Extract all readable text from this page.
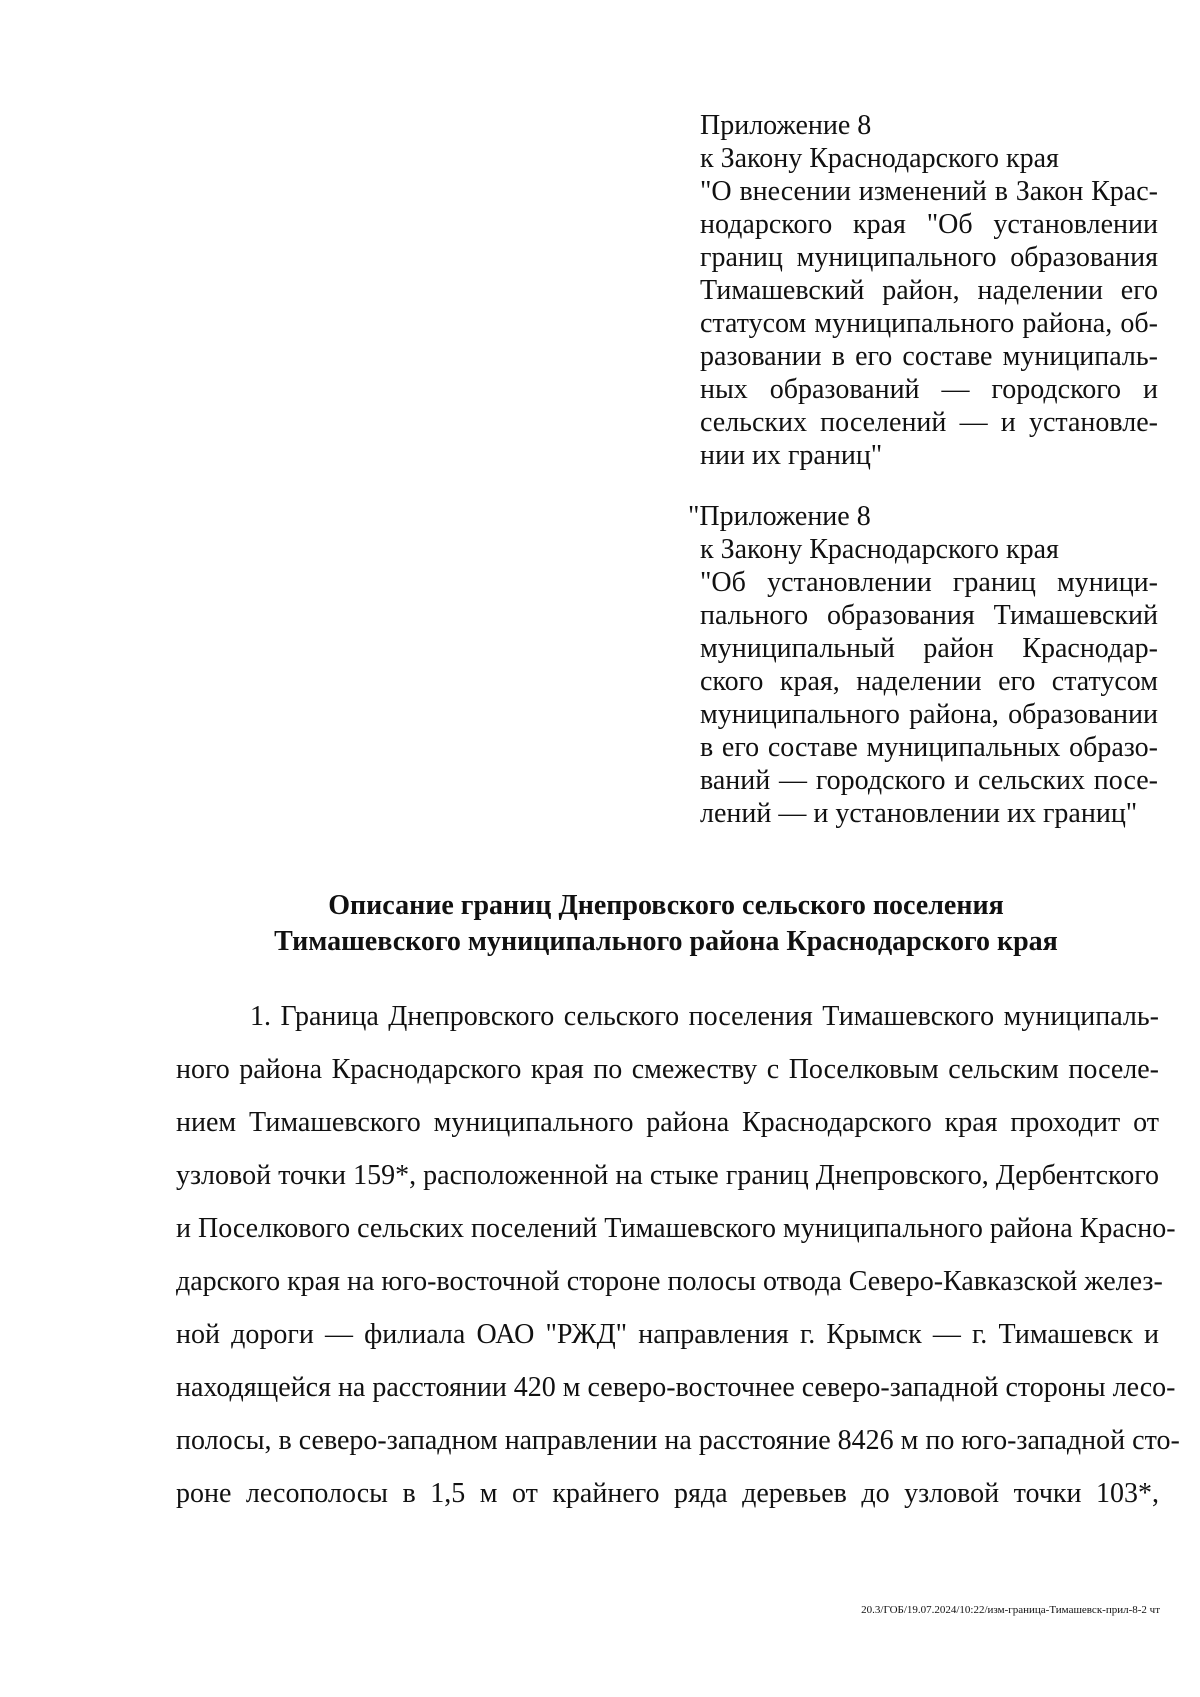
Приложение 8
к Закону Краснодарского края
"О внесении изменений в Закон Крас-
нодарского края "Об установлении
границ муниципального образования
Тимашевский район, наделении его
статусом муниципального района, об-
разовании в его составе муниципаль-
ных образований — городского и
сельских поселений — и установле-
нии их границ"
"Приложение 8
к Закону Краснодарского края
"Об установлении границ муници-
пального образования Тимашевский
муниципальный район Краснодар-
ского края, наделении его статусом
муниципального района, образовании
в его составе муниципальных образо-
ваний — городского и сельских посе-
лений — и установлении их границ"
Описание границ Днепровского сельского поселения
Тимашевского муниципального района Краснодарского края
1. Граница Днепровского сельского поселения Тимашевского муниципаль-
ного района Краснодарского края по смежеству с Поселковым сельским поселе-
нием Тимашевского муниципального района Краснодарского края проходит от
узловой точки 159*, расположенной на стыке границ Днепровского, Дербентского
и Поселкового сельских поселений Тимашевского муниципального района Красно-
дарского края на юго-восточной стороне полосы отвода Северо-Кавказской желез-
ной дороги — филиала ОАО "РЖД" направления г. Крымск — г. Тимашевск и
находящейся на расстоянии 420 м северо-восточнее северо-западной стороны лесо-
полосы, в северо-западном направлении на расстояние 8426 м по юго-западной сто-
роне лесополосы в 1,5 м от крайнего ряда деревьев до узловой точки 103*,
20.3/ГОБ/19.07.2024/10:22/изм-граница-Тимашевск-прил-8-2 чт
